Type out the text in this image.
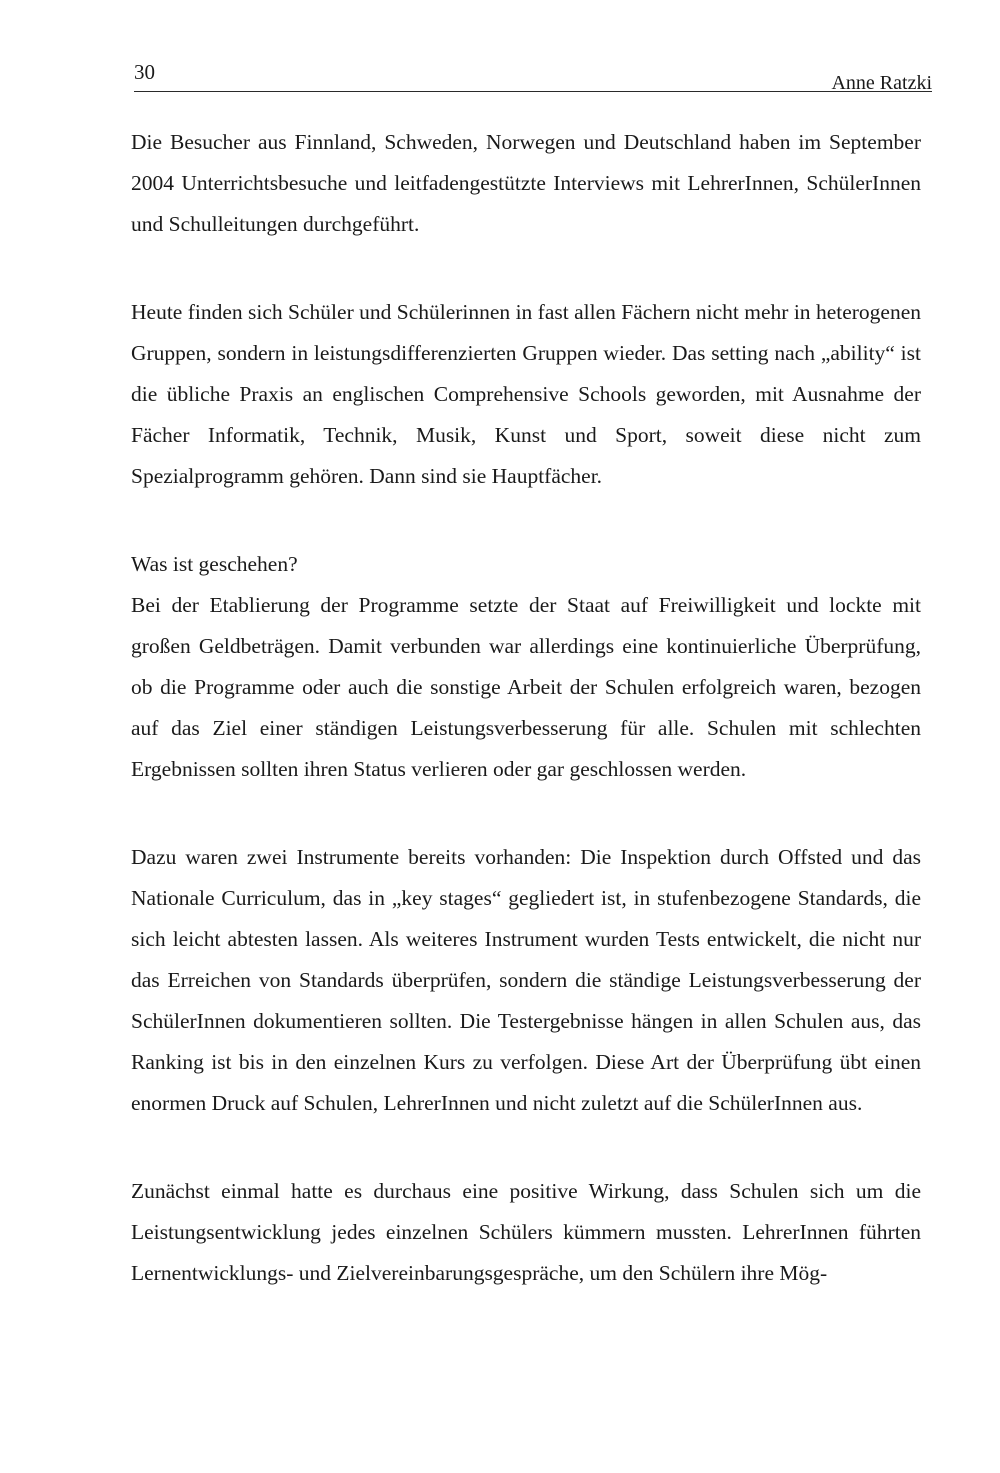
30	Anne Ratzki

Die Besucher aus Finnland, Schweden, Norwegen und Deutschland haben im September 2004 Unterrichtsbesuche und leitfadengestützte Interviews mit LehrerInnen, SchülerInnen und Schulleitungen durchgeführt.

Heute finden sich Schüler und Schülerinnen in fast allen Fächern nicht mehr in heterogenen Gruppen, sondern in leistungsdifferenzierten Gruppen wieder. Das setting nach „ability“ ist die übliche Praxis an englischen Comprehensive Schools geworden, mit Ausnahme der Fächer Informatik, Technik, Musik, Kunst und Sport, soweit diese nicht zum Spezialprogramm gehören. Dann sind sie Hauptfächer.

Was ist geschehen?

Bei der Etablierung der Programme setzte der Staat auf Freiwilligkeit und lockte mit großen Geldbeträgen. Damit verbunden war allerdings eine kontinuierliche Überprüfung, ob die Programme oder auch die sonstige Arbeit der Schulen erfolgreich waren, bezogen auf das Ziel einer ständigen Leistungsverbesserung für alle. Schulen mit schlechten Ergebnissen sollten ihren Status verlieren oder gar geschlossen werden.

Dazu waren zwei Instrumente bereits vorhanden: Die Inspektion durch Offsted und das Nationale Curriculum, das in „key stages“ gegliedert ist, in stufenbezogene Standards, die sich leicht abtesten lassen. Als weiteres Instrument wurden Tests entwickelt, die nicht nur das Erreichen von Standards überprüfen, sondern die ständige Leistungsverbesserung der SchülerInnen dokumentieren sollten. Die Testergebnisse hängen in allen Schulen aus, das Ranking ist bis in den einzelnen Kurs zu verfolgen. Diese Art der Überprüfung übt einen enormen Druck auf Schulen, LehrerInnen und nicht zuletzt auf die SchülerInnen aus.

Zunächst einmal hatte es durchaus eine positive Wirkung, dass Schulen sich um die Leistungsentwicklung jedes einzelnen Schülers kümmern mussten. LehrerInnen führten Lernentwicklungs- und Zielvereinbarungsgespräche, um den Schülern ihre Mög-
